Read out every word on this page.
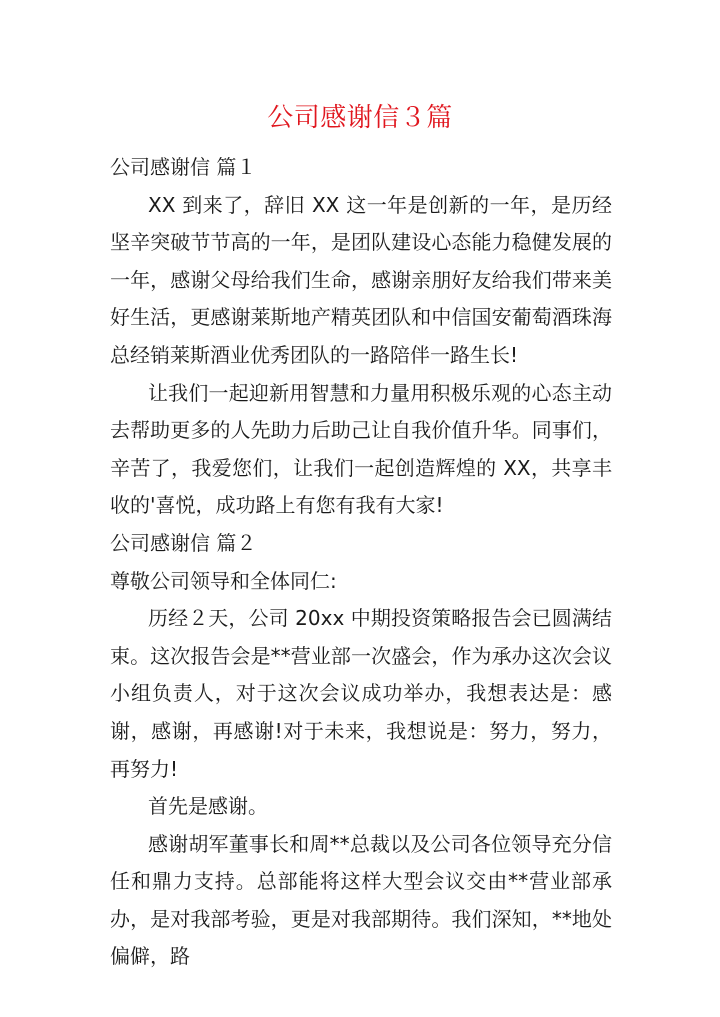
公司感谢信３篇

公司感谢信 篇１

XX 到来了，辞旧 XX 这一年是创新的一年，是历经坚辛突破节节高的一年，是团队建设心态能力稳健发展的一年，感谢父母给我们生命，感谢亲朋好友给我们带来美好生活，更感谢莱斯地产精英团队和中信国安葡萄酒珠海总经销莱斯酒业优秀团队的一路陪伴一路生长!

让我们一起迎新用智慧和力量用积极乐观的心态主动去帮助更多的人先助力后助己让自我价值升华。同事们，辛苦了，我爱您们，让我们一起创造辉煌的 XX，共享丰收的'喜悦，成功路上有您有我有大家!

公司感谢信 篇２

尊敬公司领导和全体同仁:

历经２天，公司 20xx 中期投资策略报告会已圆满结束。这次报告会是**营业部一次盛会，作为承办这次会议小组负责人，对于这次会议成功举办，我想表达是：感谢，感谢，再感谢!对于未来，我想说是：努力，努力，再努力!

首先是感谢。

感谢胡军董事长和周**总裁以及公司各位领导充分信任和鼎力支持。总部能将这样大型会议交由**营业部承办，是对我部考验，更是对我部期待。我们深知，**地处偏僻，路
